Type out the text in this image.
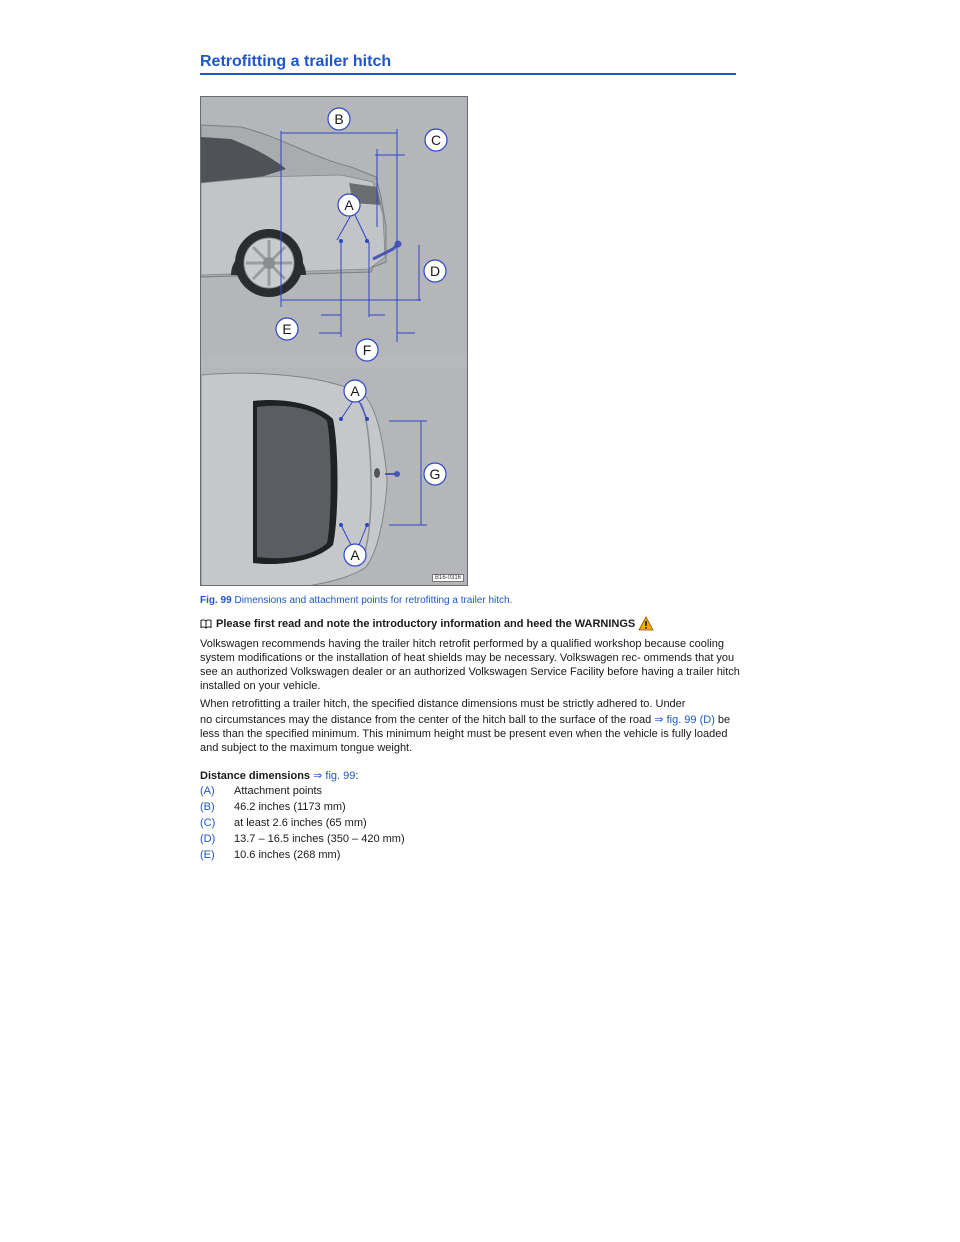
Retrofitting a trailer hitch
B
C
A
D
E
F
A
G
A
B16-0316
Fig. 99 Dimensions and attachment points for retrofitting a trailer hitch.
Please first read and note the introductory information and heed the WARNINGS

Volkswagen recommends having the trailer hitch retrofit performed by a qualified workshop because cooling system modifications or the installation of heat shields may be necessary. Volkswagen rec- ommends that you see an authorized Volkswagen dealer or an authorized Volkswagen Service Facility before having a trailer hitch installed on your vehicle.

When retrofitting a trailer hitch, the specified distance dimensions must be strictly adhered to. Under

no circumstances may the distance from the center of the hitch ball to the surface of the road ⇒ fig. 99 (D) be less than the specified minimum. This minimum height must be present even when the vehicle is fully loaded and subject to the maximum tongue weight.

Distance dimensions ⇒ fig. 99:
(A)	Attachment points
(B)	46.2 inches (1173 mm)
(C)	at least 2.6 inches (65 mm)
(D)	13.7 – 16.5 inches (350 – 420 mm)
(E)	10.6 inches (268 mm)
